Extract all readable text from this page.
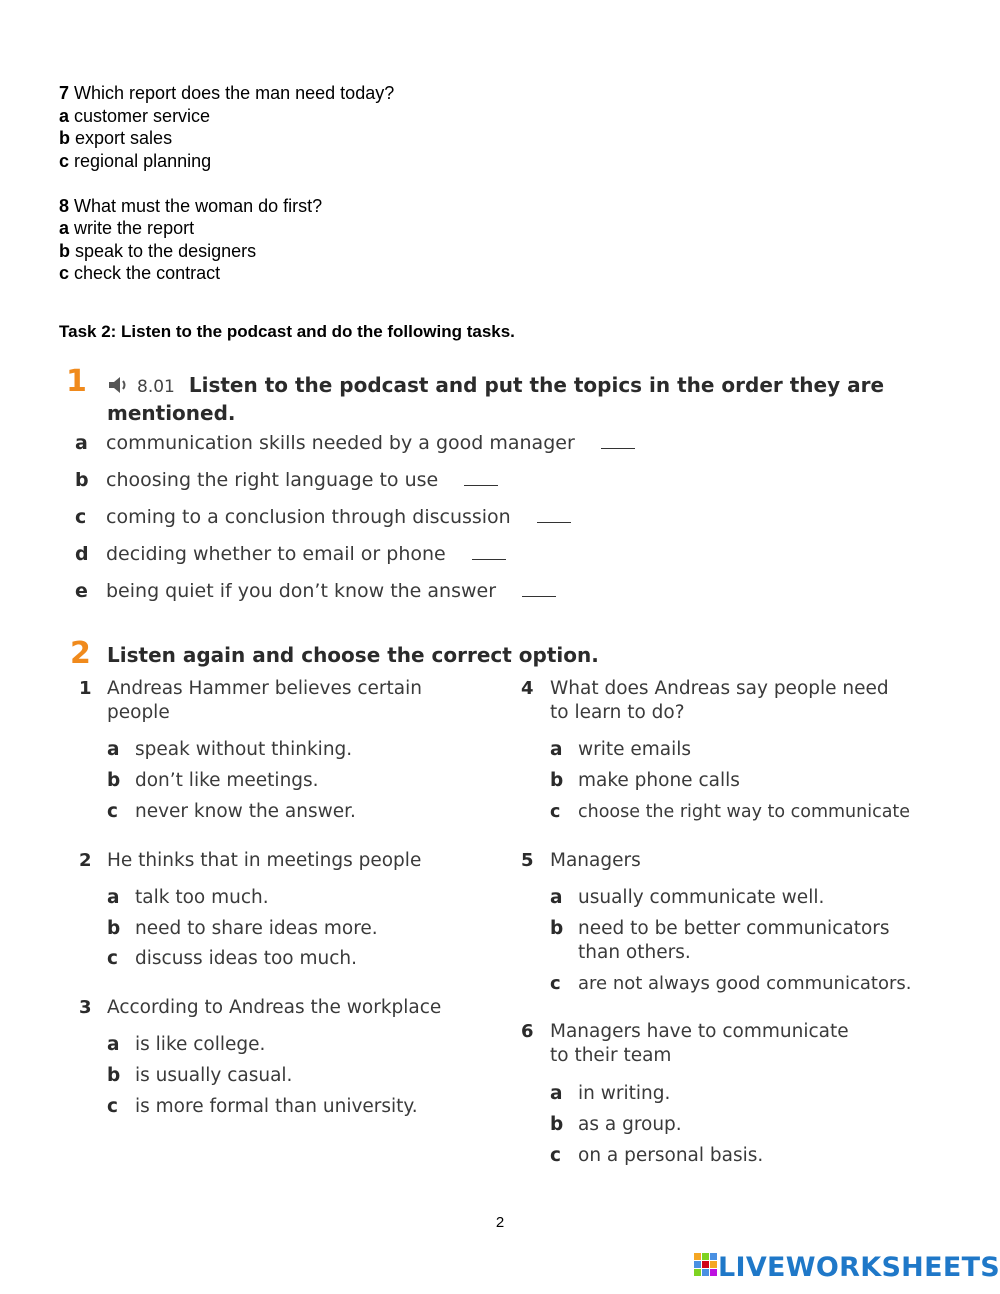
7 Which report does the man need today?
a customer service
b export sales
c regional planning
8 What must the woman do first?
a write the report
b speak to the designers
c check the contract
Task 2: Listen to the podcast and do the following tasks.
1	8.01 Listen to the podcast and put the topics in the order they are
mentioned.
a communication skills needed by a good manager
b choosing the right language to use
c coming to a conclusion through discussion
d deciding whether to email or phone
e being quiet if you don’t know the answer
2 Listen again and choose the correct option.
1 Andreas Hammer believes certain
people
a speak without thinking.
b don’t like meetings.
c never know the answer.
2 He thinks that in meetings people
a talk too much.
b need to share ideas more.
c discuss ideas too much.
3 According to Andreas the workplace
a is like college.
b is usually casual.
c is more formal than university.
4 What does Andreas say people need
to learn to do?
a write emails
b make phone calls
c choose the right way to communicate
5 Managers
a usually communicate well.
b need to be better communicators
than others.
c are not always good communicators.
6 Managers have to communicate
to their team
a in writing.
b as a group.
c on a personal basis.
2
LIVEWORKSHEETS
